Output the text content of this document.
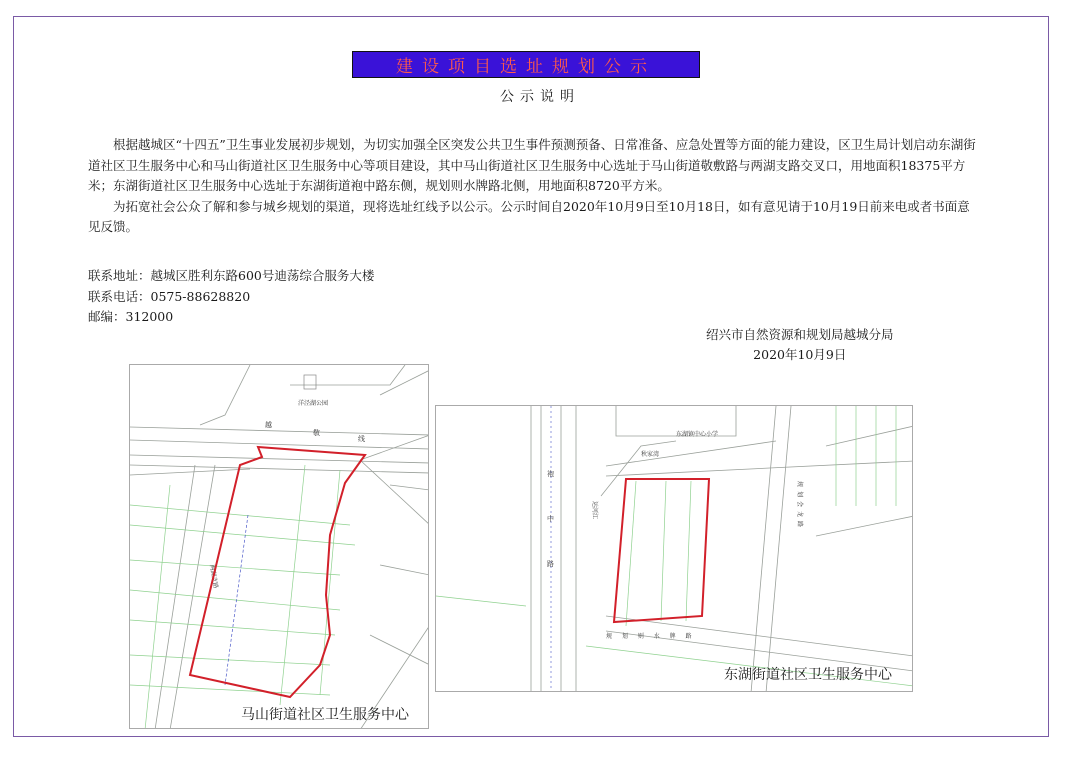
建设项目选址规划公示
公示说明

根据越城区“十四五”卫生事业发展初步规划，为切实加强全区突发公共卫生事件预测预备、日常准备、应急处置等方面的能力建设，区卫生局计划启动东湖街道社区卫生服务中心和马山街道社区卫生服务中心等项目建设，其中马山街道社区卫生服务中心选址于马山街道敬敷路与两湖支路交叉口，用地面积18375平方米；东湖街道社区卫生服务中心选址于东湖街道袍中路东侧，规划则水牌路北侧，用地面积8720平方米。

为拓宽社会公众了解和参与城乡规划的渠道，现将选址红线予以公示。公示时间自2020年10月9日至10月18日，如有意见请于10月19日前来电或者书面意见反馈。

联系地址：越城区胜利东路600号迪荡综合服务大楼
联系电话：0575-88628820
邮编：312000
绍兴市自然资源和规划局越城分局
2020年10月9日
洋泾湖公园
越
敬
线
两湖支路
马山街道社区卫生服务中心
东湖镇中心小学
秋家湾
袍
中
路
运河江
规 划 则 水 牌 路
规划会龙路
东湖街道社区卫生服务中心
